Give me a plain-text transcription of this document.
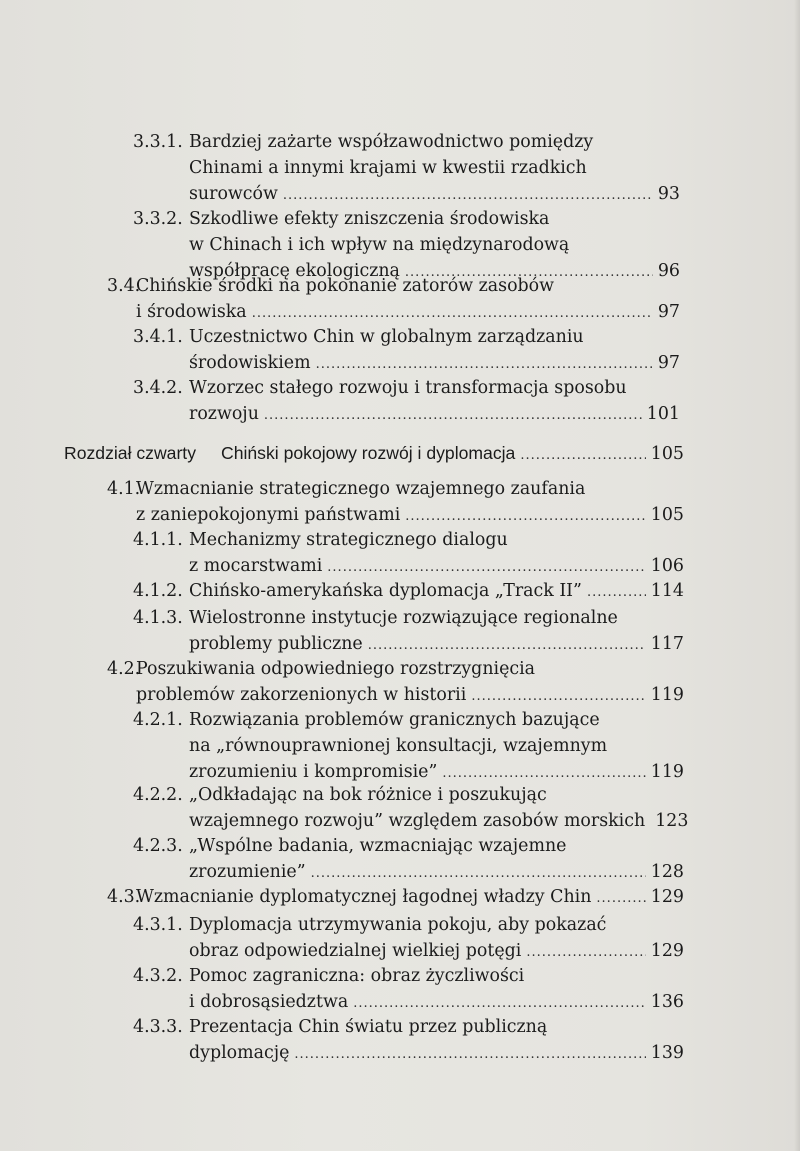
3.3.1. Bardziej zażarte współzawodnictwo pomiędzy
Chinami a innymi krajami w kwestii rzadkich
surowców .....	93
3.3.2. Szkodliwe efekty zniszczenia środowiska
w Chinach i ich wpływ na międzynarodową
współpracę ekologiczną .....	96
3.4.
Chińskie środki na pokonanie zatorów zasobów
i środowiska .....	97
3.4.1. Uczestnictwo Chin w globalnym zarządzaniu
środowiskiem .....	97
3.4.2. Wzorzec stałego rozwoju i transformacja sposobu
rozwoju .....	101
Rozdział czwarty Chiński pokojowy rozwój i dyplomacja .....	105
4.1.
Wzmacnianie strategicznego wzajemnego zaufania
z zaniepokojonymi państwami .....	105
4.1.1. Mechanizmy strategicznego dialogu
z mocarstwami .....	106
4.1.2. Chińsko-amerykańska dyplomacja „Track II” .....	114
4.1.3. Wielostronne instytucje rozwiązujące regionalne
problemy publiczne .....	117
4.2.
Poszukiwania odpowiedniego rozstrzygnięcia
problemów zakorzenionych w historii .....	119
4.2.1. Rozwiązania problemów granicznych bazujące
na „równouprawnionej konsultacji, wzajemnym
zrozumieniu i kompromisie” .....	119
4.2.2. „Odkładając na bok różnice i poszukując
wzajemnego rozwoju” względem zasobów morskich 123
4.2.3. „Wspólne badania, wzmacniając wzajemne
zrozumienie” .....	128
4.3.
Wzmacnianie dyplomatycznej łagodnej władzy Chin .....	129
4.3.1. Dyplomacja utrzymywania pokoju, aby pokazać
obraz odpowiedzialnej wielkiej potęgi .....	129
4.3.2. Pomoc zagraniczna: obraz życzliwości
i dobrosąsiedztwa .....	136
4.3.3. Prezentacja Chin światu przez publiczną
dyplomację .....	139
